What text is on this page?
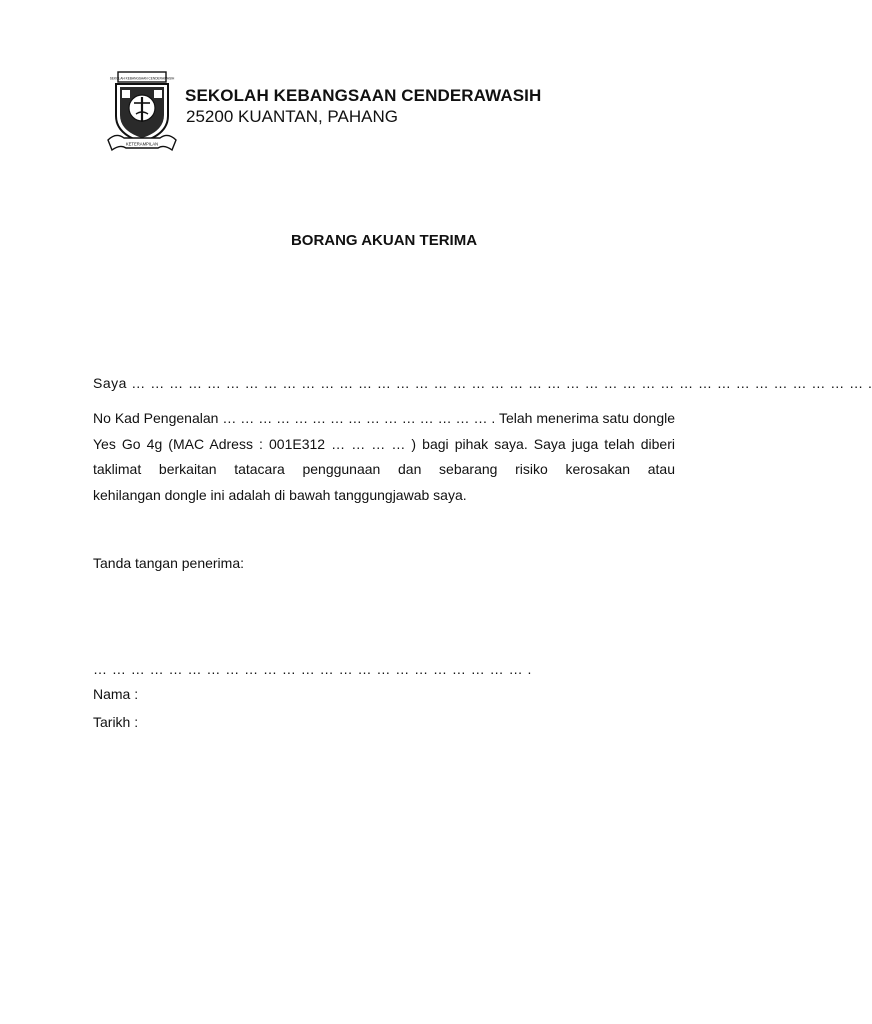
SEKOLAH KEBANGSAAN CENDERAWASIH
KETERAMPILAN
SEKOLAH KEBANGSAAN CENDERAWASIH
25200 KUANTAN, PAHANG
BORANG AKUAN TERIMA
Saya … … … … … … … … … … … … … … … … … … … … … … … … … … … … … … … … … … … … … … … .
No Kad Pengenalan … … … … … … … … … … … … … … … . Telah menerima satu dongle
Yes Go 4g (MAC Adress : 001E312 … … … … ) bagi pihak saya. Saya juga telah diberi
taklimat berkaitan tatacara penggunaan dan sebarang risiko kerosakan atau
kehilangan dongle ini adalah di bawah tanggungjawab saya.
Tanda tangan penerima:
… … … … … … … … … … … … … … … … … … … … … … … .
Nama :
Tarikh :
